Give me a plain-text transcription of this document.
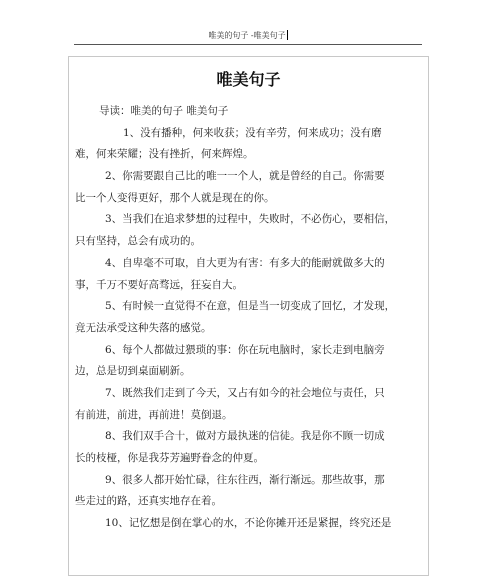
唯美的句子 -唯美句子
唯美句子
导读：唯美的句子 唯美句子
1、没有播种，何来收获；没有辛劳，何来成功；没有磨
难，何来荣耀；没有挫折，何来辉煌。
2、你需要跟自己比的唯一一个人，就是曾经的自己。你需要
比一个人变得更好，那个人就是现在的你。
3、当我们在追求梦想的过程中，失败时，不必伤心，要相信，
只有坚持，总会有成功的。
4、自卑毫不可取，自大更为有害：有多大的能耐就做多大的
事，千万不要好高骛远，狂妄自大。
5、有时候一直觉得不在意，但是当一切变成了回忆，才发现，
竟无法承受这种失落的感觉。
6、每个人都做过猥琐的事：你在玩电脑时，家长走到电脑旁
边，总是切到桌面刷新。
7、既然我们走到了今天，又占有如今的社会地位与责任，只
有前进，前进，再前进！莫倒退。
8、我们双手合十，做对方最执迷的信徒。我是你不顾一切成
长的枝桠，你是我芬芳遍野眷念的仲夏。
9、很多人都开始忙碌，往东往西，渐行渐远。那些故事，那
些走过的路，还真实地存在着。
10、记忆想是倒在掌心的水，不论你摊开还是紧握，终究还是
